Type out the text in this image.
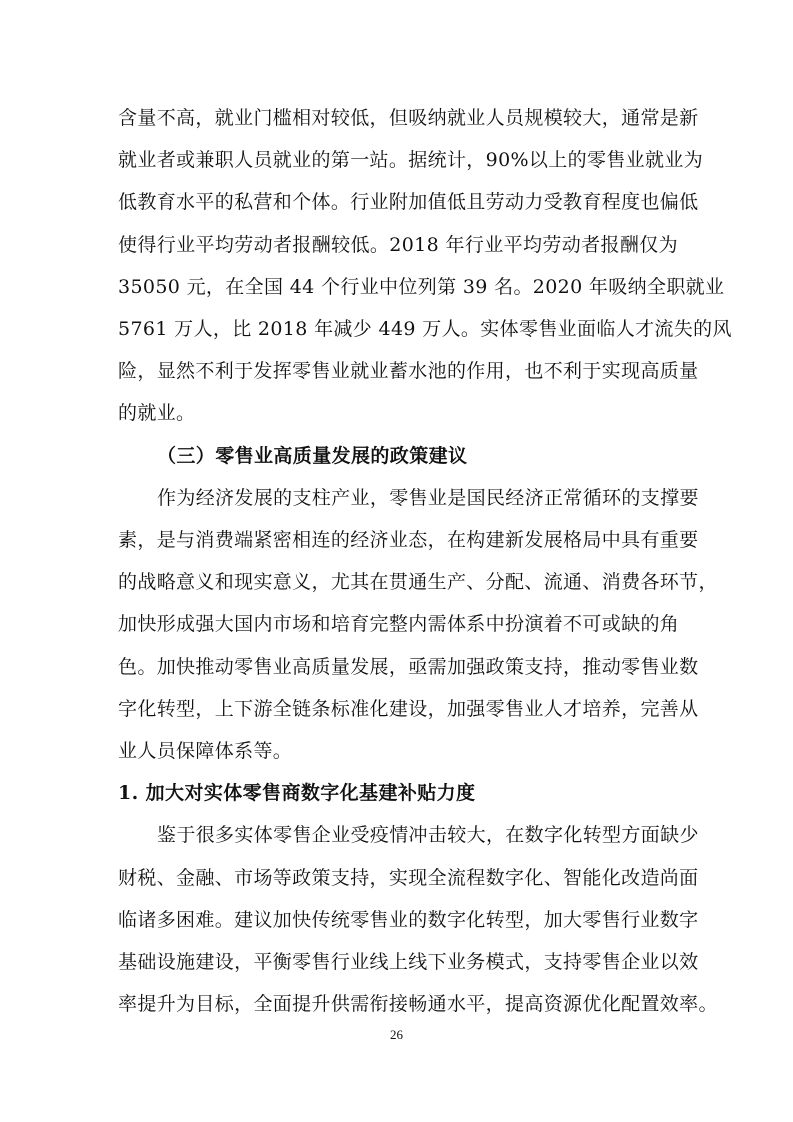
含量不高，就业门槛相对较低，但吸纳就业人员规模较大，通常是新
就业者或兼职人员就业的第一站。据统计，90%以上的零售业就业为
低教育水平的私营和个体。行业附加值低且劳动力受教育程度也偏低
使得行业平均劳动者报酬较低。2018 年行业平均劳动者报酬仅为
35050 元，在全国 44 个行业中位列第 39 名。2020 年吸纳全职就业
5761 万人，比 2018 年减少 449 万人。实体零售业面临人才流失的风
险，显然不利于发挥零售业就业蓄水池的作用，也不利于实现高质量
的就业。
（三）零售业高质量发展的政策建议
作为经济发展的支柱产业，零售业是国民经济正常循环的支撑要
素，是与消费端紧密相连的经济业态，在构建新发展格局中具有重要
的战略意义和现实意义，尤其在贯通生产、分配、流通、消费各环节，
加快形成强大国内市场和培育完整内需体系中扮演着不可或缺的角
色。加快推动零售业高质量发展，亟需加强政策支持，推动零售业数
字化转型，上下游全链条标准化建设，加强零售业人才培养，完善从
业人员保障体系等。
1. 加大对实体零售商数字化基建补贴力度
鉴于很多实体零售企业受疫情冲击较大，在数字化转型方面缺少
财税、金融、市场等政策支持，实现全流程数字化、智能化改造尚面
临诸多困难。建议加快传统零售业的数字化转型，加大零售行业数字
基础设施建设，平衡零售行业线上线下业务模式，支持零售企业以效
率提升为目标，全面提升供需衔接畅通水平，提高资源优化配置效率。
26
